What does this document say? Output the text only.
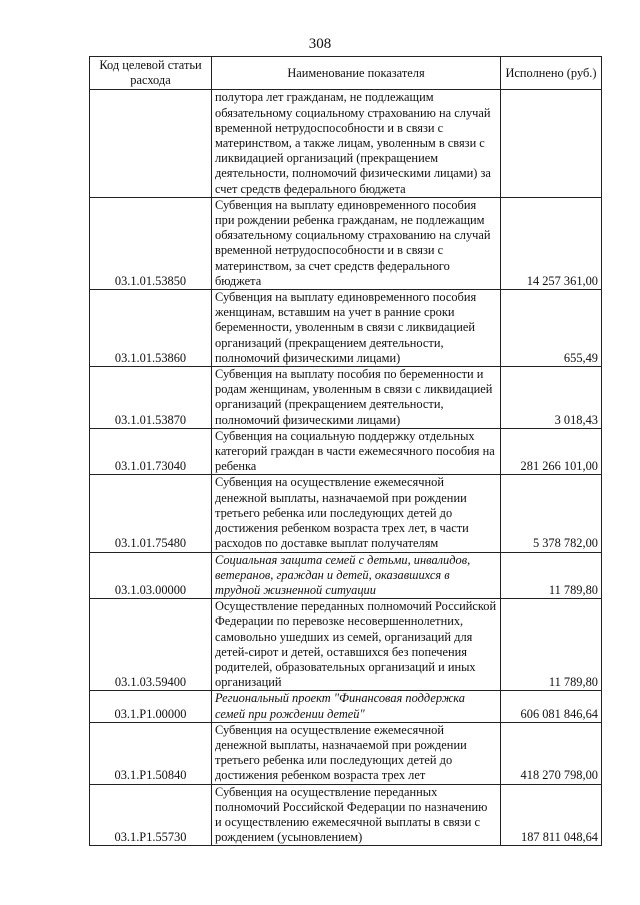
308
Код целевой статьи расхода	Наименование показателя	Исполнено (руб.)
	полутора лет гражданам, не подлежащим обязательному социальному страхованию на случай временной нетрудоспособности и в связи с материнством, а также лицам, уволенным в связи с ликвидацией организаций (прекращением деятельности, полномочий физическими лицами) за счет средств федерального бюджета	
03.1.01.53850	Субвенция на выплату единовременного пособия при рождении ребенка гражданам, не подлежащим обязательному социальному страхованию на случай временной нетрудоспособности и в связи с материнством, за счет средств федерального бюджета	14 257 361,00
03.1.01.53860	Субвенция на выплату единовременного пособия женщинам, вставшим на учет в ранние сроки беременности, уволенным в связи с ликвидацией организаций (прекращением деятельности, полномочий физическими лицами)	655,49
03.1.01.53870	Субвенция на выплату пособия по беременности и родам женщинам, уволенным в связи с ликвидацией организаций (прекращением деятельности, полномочий физическими лицами)	3 018,43
03.1.01.73040	Субвенция на социальную поддержку отдельных категорий граждан в части ежемесячного пособия на ребенка	281 266 101,00
03.1.01.75480	Субвенция на осуществление ежемесячной денежной выплаты, назначаемой при рождении третьего ребенка или последующих детей до достижения ребенком возраста трех лет, в части расходов по доставке выплат получателям	5 378 782,00
03.1.03.00000	Социальная защита семей с детьми, инвалидов, ветеранов, граждан и детей, оказавшихся в трудной жизненной ситуации	11 789,80
03.1.03.59400	Осуществление переданных полномочий Российской Федерации по перевозке несовершеннолетних, самовольно ушедших из семей, организаций для детей-сирот и детей, оставшихся без попечения родителей, образовательных организаций и иных организаций	11 789,80
03.1.P1.00000	Региональный проект "Финансовая поддержка семей при рождении детей"	606 081 846,64
03.1.P1.50840	Субвенция на осуществление ежемесячной денежной выплаты, назначаемой при рождении третьего ребенка или последующих детей до достижения ребенком возраста трех лет	418 270 798,00
03.1.P1.55730	Субвенция на осуществление переданных полномочий Российской Федерации по назначению и осуществлению ежемесячной выплаты в связи с рождением (усыновлением)	187 811 048,64
